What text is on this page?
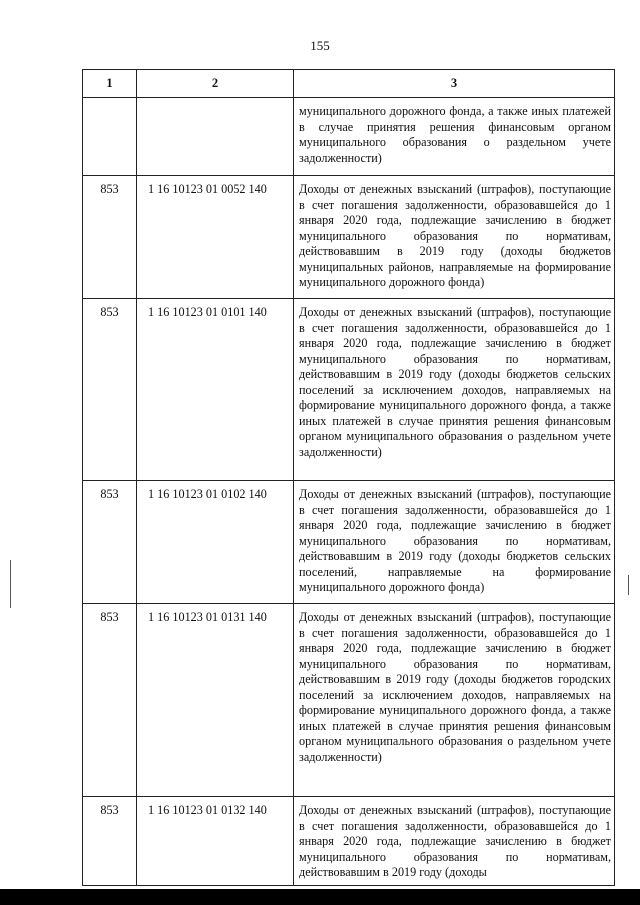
155
1	2	3
		муниципального дорожного фонда, а также иных платежей в случае принятия решения финансовым органом муниципального образования о раздельном учете задолженности)
853	1 16 10123 01 0052 140	Доходы от денежных взысканий (штрафов), поступающие в счет погашения задолженности, образовавшейся до 1 января 2020 года, подлежащие зачислению в бюджет муниципального образования по нормативам, действовавшим в 2019 году (доходы бюджетов муниципальных районов, направляемые на формирование муниципального дорожного фонда)
853	1 16 10123 01 0101 140	Доходы от денежных взысканий (штрафов), поступающие в счет погашения задолженности, образовавшейся до 1 января 2020 года, подлежащие зачислению в бюджет муниципального образования по нормативам, действовавшим в 2019 году (доходы бюджетов сельских поселений за исключением доходов, направляемых на формирование муниципального дорожного фонда, а также иных платежей в случае принятия решения финансовым органом муниципального образования о раздельном учете задолженности)
853	1 16 10123 01 0102 140	Доходы от денежных взысканий (штрафов), поступающие в счет погашения задолженности, образовавшейся до 1 января 2020 года, подлежащие зачислению в бюджет муниципального образования по нормативам, действовавшим в 2019 году (доходы бюджетов сельских поселений, направляемые на формирование муниципального дорожного фонда)
853	1 16 10123 01 0131 140	Доходы от денежных взысканий (штрафов), поступающие в счет погашения задолженности, образовавшейся до 1 января 2020 года, подлежащие зачислению в бюджет муниципального образования по нормативам, действовавшим в 2019 году (доходы бюджетов городских поселений за исключением доходов, направляемых на формирование муниципального дорожного фонда, а также иных платежей в случае принятия решения финансовым органом муниципального образования о раздельном учете задолженности)
853	1 16 10123 01 0132 140	Доходы от денежных взысканий (штрафов), поступающие в счет погашения задолженности, образовавшейся до 1 января 2020 года, подлежащие зачислению в бюджет муниципального образования по нормативам, действовавшим в 2019 году (доходы
